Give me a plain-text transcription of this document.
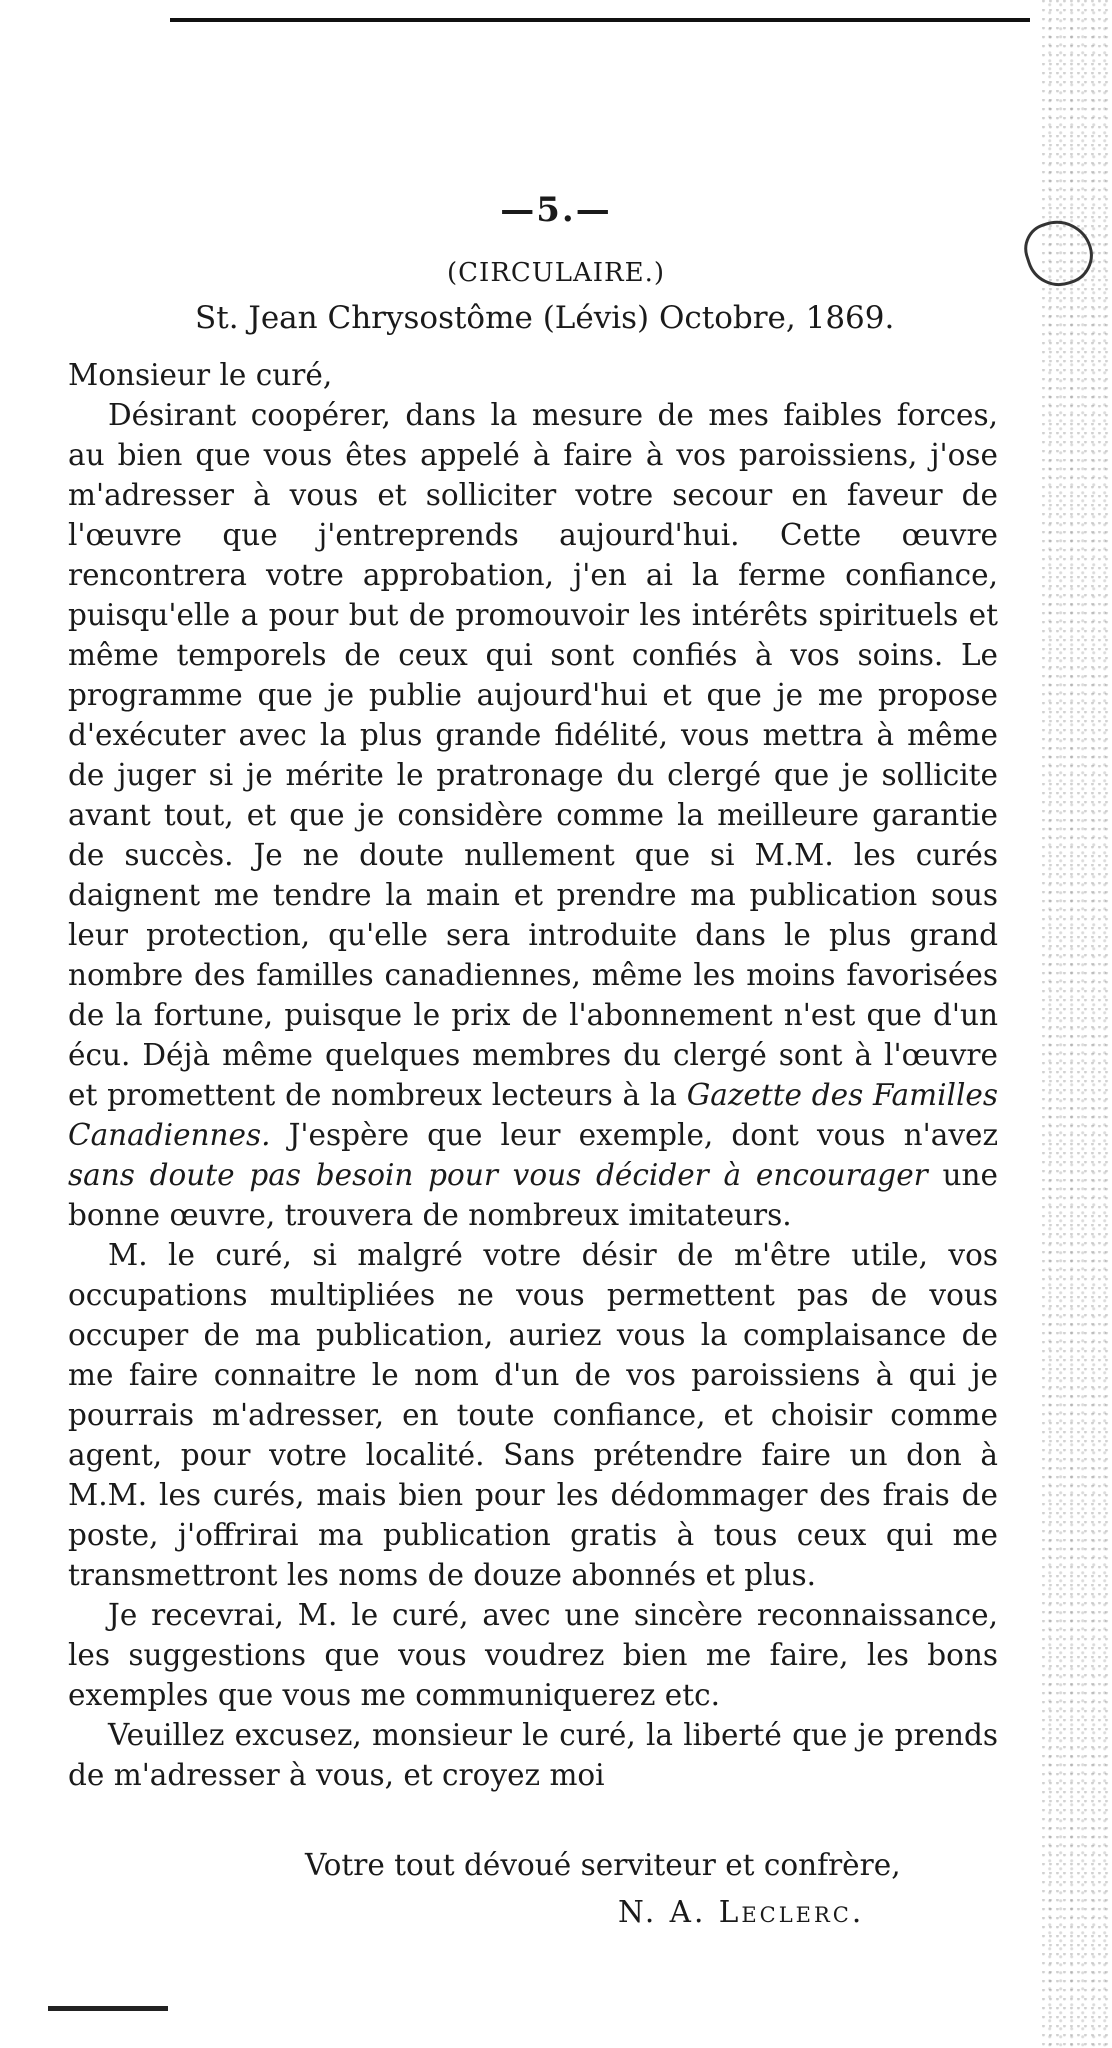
—5.—
(CIRCULAIRE.)
St. Jean Chrysostôme (Lévis) Octobre, 1869.

Monsieur le curé,

Désirant coopérer, dans la mesure de mes faibles forces, au bien que vous êtes appelé à faire à vos paroissiens, j'ose m'adresser à vous et solliciter votre secour en faveur de l'œuvre que j'entreprends aujourd'hui. Cette œuvre rencontrera votre approbation, j'en ai la ferme confiance, puisqu'elle a pour but de promouvoir les intérêts spirituels et même temporels de ceux qui sont confiés à vos soins. Le programme que je publie aujourd'hui et que je me propose d'exécuter avec la plus grande fidélité, vous mettra à même de juger si je mérite le pratronage du clergé que je sollicite avant tout, et que je considère comme la meilleure garantie de succès. Je ne doute nullement que si M.M. les curés daignent me tendre la main et prendre ma publication sous leur protection, qu'elle sera introduite dans le plus grand nombre des familles canadiennes, même les moins favorisées de la fortune, puisque le prix de l'abonnement n'est que d'un écu. Déjà même quelques membres du clergé sont à l'œuvre et promettent de nombreux lecteurs à la Gazette des Familles Canadiennes. J'espère que leur exemple, dont vous n'avez sans doute pas besoin pour vous décider à encourager une bonne œuvre, trouvera de nombreux imitateurs.

M. le curé, si malgré votre désir de m'être utile, vos occupations multipliées ne vous permettent pas de vous occuper de ma publication, auriez vous la complaisance de me faire connaitre le nom d'un de vos paroissiens à qui je pourrais m'adresser, en toute confiance, et choisir comme agent, pour votre localité. Sans prétendre faire un don à M.M. les curés, mais bien pour les dédommager des frais de poste, j'offrirai ma publication gratis à tous ceux qui me transmettront les noms de douze abonnés et plus.

Je recevrai, M. le curé, avec une sincère reconnaissance, les suggestions que vous voudrez bien me faire, les bons exemples que vous me communiquerez etc.

Veuillez excusez, monsieur le curé, la liberté que je prends de m'adresser à vous, et croyez moi

Votre tout dévoué serviteur et confrère,
N. A. Leclerc.
